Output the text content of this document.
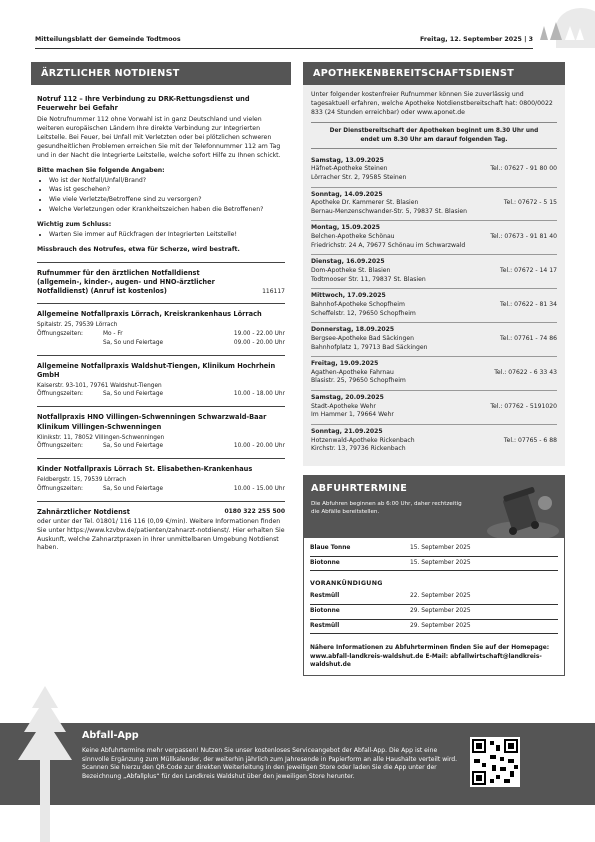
Mitteilungsblatt der Gemeinde Todtmoos	Freitag, 12. September 2025 | 3
ÄRZTLICHER NOTDIENST
Notruf 112 – Ihre Verbindung zu DRK-Rettungsdienst und Feuerwehr bei Gefahr

Die Notrufnummer 112 ohne Vorwahl ist in ganz Deutschland und vielen weiteren europäischen Ländern Ihre direkte Verbindung zur Integrierten Leitstelle. Bei Feuer, bei Unfall mit Verletzten oder bei plötzlichen schweren gesundheitlichen Problemen erreichen Sie mit der Telefonnummer 112 am Tag und in der Nacht die Integrierte Leitstelle, welche sofort Hilfe zu Ihnen schickt.

Bitte machen Sie folgende Angaben:

• Wo ist der Notfall/Unfall/Brand?
• Was ist geschehen?
• Wie viele Verletzte/Betroffene sind zu versorgen?
• Welche Verletzungen oder Krankheitszeichen haben die Betroffenen?

Wichtig zum Schluss:

• Warten Sie immer auf Rückfragen der Integrierten Leitstelle!

Missbrauch des Notrufes, etwa für Scherze, wird bestraft.

Rufnummer für den ärztlichen Notfalldienst (allgemein-, kinder-, augen- und HNO-ärztlicher Notfalldienst) (Anruf ist kostenlos)	116117
Allgemeine Notfallpraxis Lörrach, Kreiskrankenhaus Lörrach
Spitalstr. 25, 79539 Lörrach
Öffnungszeiten:	Mo - Fr	19.00 - 22.00 Uhr
Sa, So und Feiertage	09.00 - 20.00 Uhr
Allgemeine Notfallpraxis Waldshut-Tiengen, Klinikum Hochrhein GmbH
Kaiserstr. 93-101, 79761 Waldshut-Tiengen
Öffnungszeiten:	Sa, So und Feiertage	10.00 - 18.00 Uhr
Notfallpraxis HNO Villingen-Schwenningen Schwarzwald-Baar Klinikum Villingen-Schwenningen
Klinikstr. 11, 78052 Villingen-Schwenningen
Öffnungszeiten:	Sa, So und Feiertage	10.00 - 20.00 Uhr
Kinder Notfallpraxis Lörrach St. Elisabethen-Krankenhaus
Feldbergstr. 15, 79539 Lörrach
Öffnungszeiten:	Sa, So und Feiertage	10.00 - 15.00 Uhr
Zahnärztlicher Notdienst	0180 322 255 500

oder unter der Tel. 01801/ 116 116 (0,09 €/min). Weitere Informationen finden Sie unter https://www.kzvbw.de/patienten/zahnarzt-notdienst/. Hier erhalten Sie Auskunft, welche Zahnarztpraxen in Ihrer unmittelbaren Umgebung Notdienst haben.

APOTHEKENBEREITSCHAFTSDIENST
Unter folgender kostenfreier Rufnummer können Sie zuverlässig und tagesaktuell erfahren, welche Apotheke Notdienstbereitschaft hat: 0800/0022 833 (24 Stunden erreichbar) oder www.aponet.de
Der Dienstbereitschaft der Apotheken beginnt um 8.30 Uhr und endet um 8.30 Uhr am darauf folgenden Tag.
Samstag, 13.09.2025
Häfnet-Apotheke Steinen	Tel.: 07627 - 91 80 00
Lörracher Str. 2, 79585 Steinen
Sonntag, 14.09.2025
Apotheke Dr. Kammerer St. Blasien	Tel.: 07672 - 5 15
Bernau-Menzenschwander-Str. 5, 79837 St. Blasien
Montag, 15.09.2025
Belchen-Apotheke Schönau	Tel.: 07673 - 91 81 40
Friedrichstr. 24 A, 79677 Schönau im Schwarzwald
Dienstag, 16.09.2025
Dom-Apotheke St. Blasien	Tel.: 07672 - 14 17
Todtmooser Str. 11, 79837 St. Blasien
Mittwoch, 17.09.2025
Bahnhof-Apotheke Schopfheim	Tel.: 07622 - 81 34
Scheffelstr. 12, 79650 Schopfheim
Donnerstag, 18.09.2025
Bergsee-Apotheke Bad Säckingen	Tel.: 07761 - 74 86
Bahnhofplatz 1, 79713 Bad Säckingen
Freitag, 19.09.2025
Agathen-Apotheke Fahrnau	Tel.: 07622 - 6 33 43
Blasistr. 25, 79650 Schopfheim
Samstag, 20.09.2025
Stadt-Apotheke Wehr	Tel.: 07762 - 5191020
Im Hammer 1, 79664 Wehr
Sonntag, 21.09.2025
Hotzenwald-Apotheke Rickenbach	Tel.: 07765 - 6 88
Kirchstr. 13, 79736 Rickenbach
ABFUHRTERMINE
Die Abfuhren beginnen ab 6:00 Uhr, daher rechtzeitig die Abfälle bereitstellen.
Blaue Tonne	15. September 2025
Biotonne	15. September 2025
VORANKÜNDIGUNG
Restmüll	22. September 2025
Biotonne	29. September 2025
Restmüll	29. September 2025
Nähere Informationen zu Abfuhrterminen finden Sie auf der Homepage: www.abfall-landkreis-waldshut.de E-Mail: abfallwirtschaft@landkreis-waldshut.de
Abfall-App
Keine Abfuhrtermine mehr verpassen! Nutzen Sie unser kostenloses Serviceangebot der Abfall-App. Die App ist eine sinnvolle Ergänzung zum Müllkalender, der weiterhin jährlich zum Jahresende in Papierform an alle Haushalte verteilt wird. Scannen Sie hierzu den QR-Code zur direkten Weiterleitung in den jeweiligen Store oder laden Sie die App unter der Bezeichnung „Abfallplus“ für den Landkreis Waldshut über den jeweiligen Store herunter.
